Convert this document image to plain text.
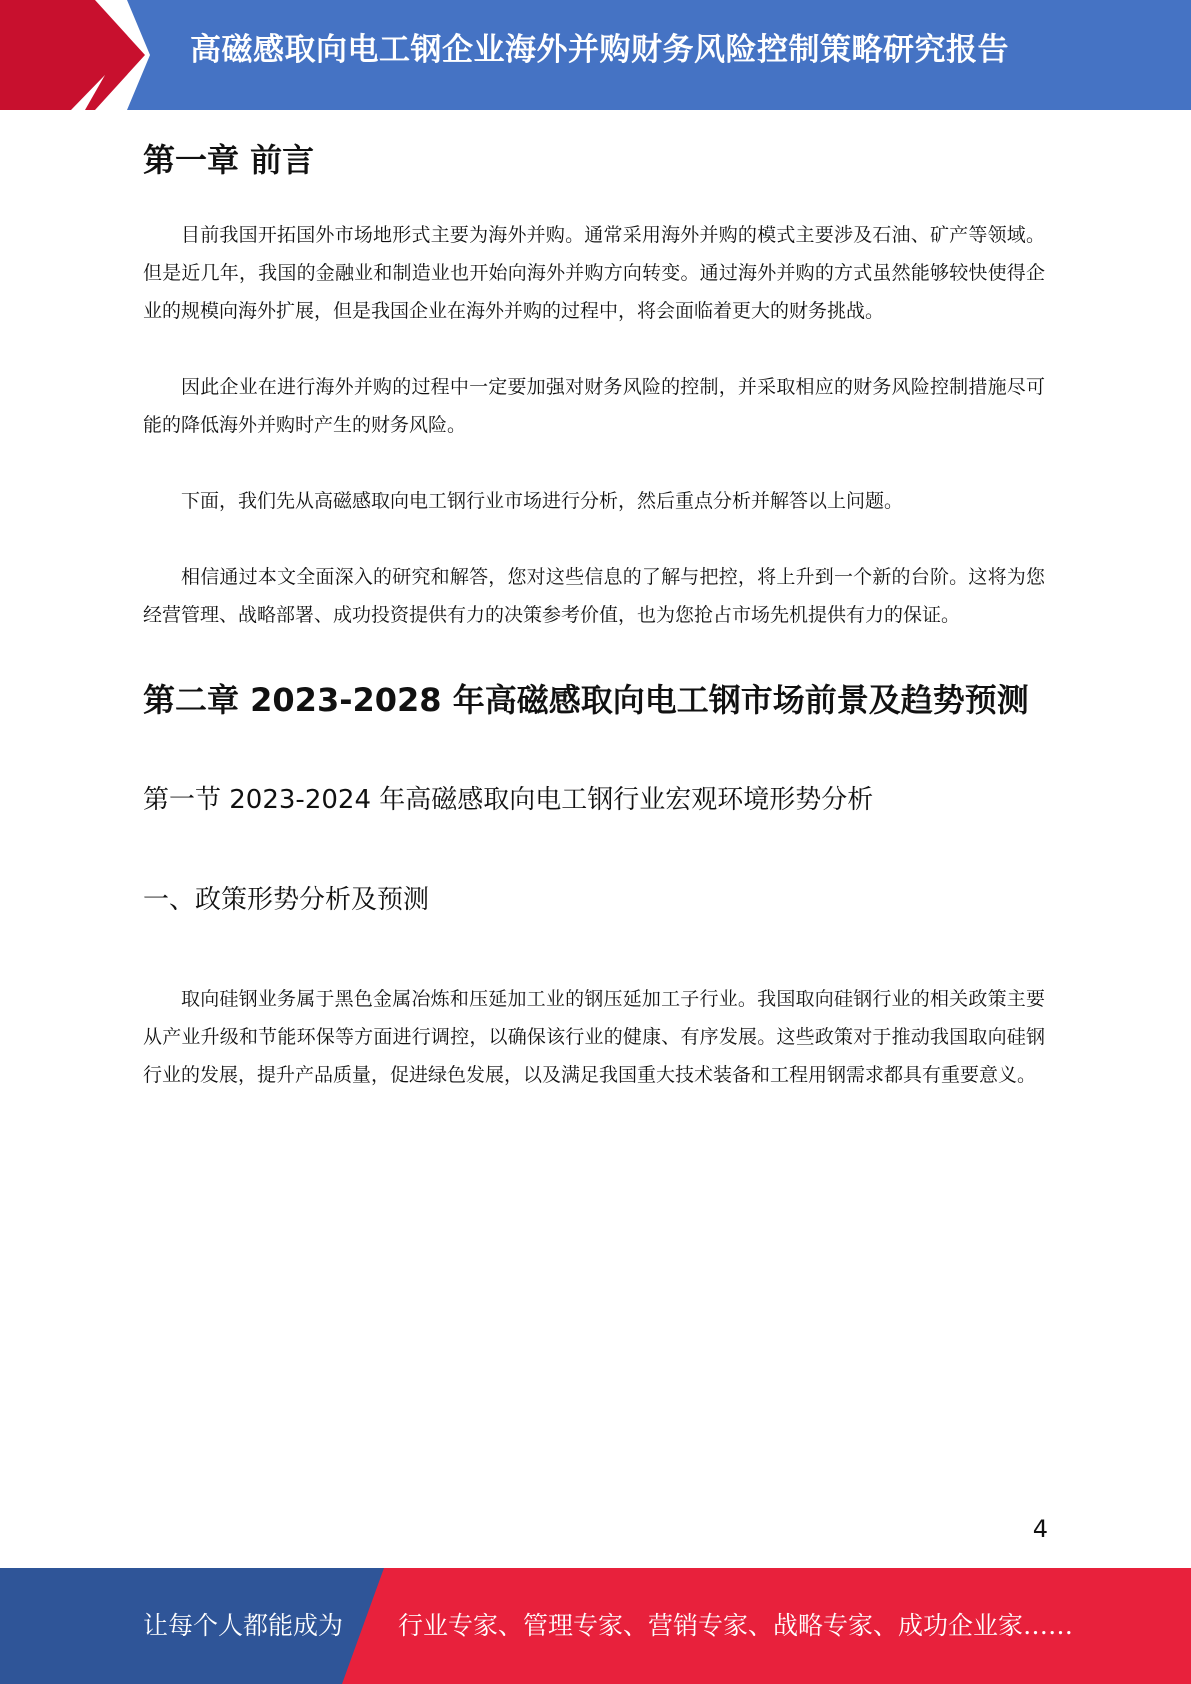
高磁感取向电工钢企业海外并购财务风险控制策略研究报告
第一章 前言

目前我国开拓国外市场地形式主要为海外并购。通常采用海外并购的模式主要涉及石油、矿产等领域。但是近几年，我国的金融业和制造业也开始向海外并购方向转变。通过海外并购的方式虽然能够较快使得企业的规模向海外扩展，但是我国企业在海外并购的过程中，将会面临着更大的财务挑战。

因此企业在进行海外并购的过程中一定要加强对财务风险的控制，并采取相应的财务风险控制措施尽可能的降低海外并购时产生的财务风险。

下面，我们先从高磁感取向电工钢行业市场进行分析，然后重点分析并解答以上问题。

相信通过本文全面深入的研究和解答，您对这些信息的了解与把控，将上升到一个新的台阶。这将为您经营管理、战略部署、成功投资提供有力的决策参考价值，也为您抢占市场先机提供有力的保证。

第二章 2023-2028 年高磁感取向电工钢市场前景及趋势预测
第一节 2023-2024 年高磁感取向电工钢行业宏观环境形势分析
一、政策形势分析及预测

取向硅钢业务属于黑色金属冶炼和压延加工业的钢压延加工子行业。我国取向硅钢行业的相关政策主要从产业升级和节能环保等方面进行调控，以确保该行业的健康、有序发展。这些政策对于推动我国取向硅钢行业的发展，提升产品质量，促进绿色发展，以及满足我国重大技术装备和工程用钢需求都具有重要意义。

4
让每个人都能成为 行业专家、管理专家、营销专家、战略专家、成功企业家……
